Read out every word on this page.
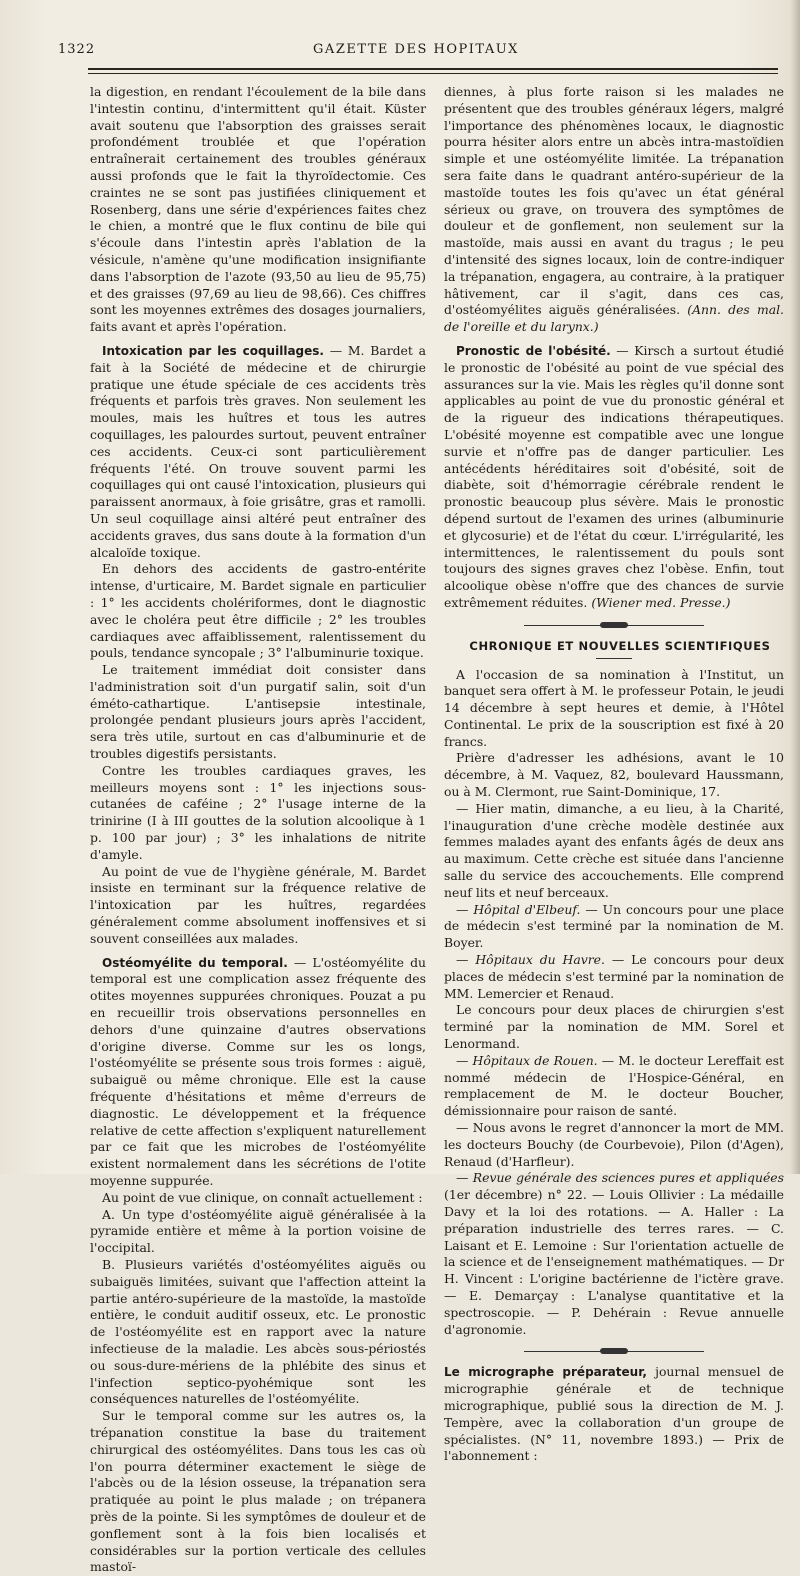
1322	GAZETTE DES HOPITAUX

la digestion, en rendant l'écoulement de la bile dans l'intestin continu, d'intermittent qu'il était. Küster avait soutenu que l'absorption des graisses serait profondément troublée et que l'opération entraînerait certainement des troubles généraux aussi profonds que le fait la thyroïdectomie. Ces craintes ne se sont pas justifiées cliniquement et Rosenberg, dans une série d'expériences faites chez le chien, a montré que le flux continu de bile qui s'écoule dans l'intestin après l'ablation de la vésicule, n'amène qu'une modification insignifiante dans l'absorption de l'azote (93,50 au lieu de 95,75) et des graisses (97,69 au lieu de 98,66). Ces chiffres sont les moyennes extrêmes des dosages journaliers, faits avant et après l'opération.

Intoxication par les coquillages. — M. Bardet a fait à la Société de médecine et de chirurgie pratique une étude spéciale de ces accidents très fréquents et parfois très graves. Non seulement les moules, mais les huîtres et tous les autres coquillages, les palourdes surtout, peuvent entraîner ces accidents. Ceux-ci sont particulièrement fréquents l'été. On trouve souvent parmi les coquillages qui ont causé l'intoxication, plusieurs qui paraissent anormaux, à foie grisâtre, gras et ramolli. Un seul coquillage ainsi altéré peut entraîner des accidents graves, dus sans doute à la formation d'un alcaloïde toxique.

En dehors des accidents de gastro-entérite intense, d'urticaire, M. Bardet signale en particulier : 1° les accidents cholériformes, dont le diagnostic avec le choléra peut être difficile ; 2° les troubles cardiaques avec affaiblissement, ralentissement du pouls, tendance syncopale ; 3° l'albuminurie toxique.

Le traitement immédiat doit consister dans l'administration soit d'un purgatif salin, soit d'un éméto-cathartique. L'antisepsie intestinale, prolongée pendant plusieurs jours après l'accident, sera très utile, surtout en cas d'albuminurie et de troubles digestifs persistants.

Contre les troubles cardiaques graves, les meilleurs moyens sont : 1° les injections sous-cutanées de caféine ; 2° l'usage interne de la trinirine (I à III gouttes de la solution alcoolique à 1 p. 100 par jour) ; 3° les inhalations de nitrite d'amyle.

Au point de vue de l'hygiène générale, M. Bardet insiste en terminant sur la fréquence relative de l'intoxication par les huîtres, regardées généralement comme absolument inoffensives et si souvent conseillées aux malades.

Ostéomyélite du temporal. — L'ostéomyélite du temporal est une complication assez fréquente des otites moyennes suppurées chroniques. Pouzat a pu en recueillir trois observations personnelles en dehors d'une quinzaine d'autres observations d'origine diverse. Comme sur les os longs, l'ostéomyélite se présente sous trois formes : aiguë, subaiguë ou même chronique. Elle est la cause fréquente d'hésitations et même d'erreurs de diagnostic. Le développement et la fréquence relative de cette affection s'expliquent naturellement par ce fait que les microbes de l'ostéomyélite existent normalement dans les sécrétions de l'otite moyenne suppurée.

Au point de vue clinique, on connaît actuellement :

A. Un type d'ostéomyélite aiguë généralisée à la pyramide entière et même à la portion voisine de l'occipital.

B. Plusieurs variétés d'ostéomyélites aiguës ou subaiguës limitées, suivant que l'affection atteint la partie antéro-supérieure de la mastoïde, la mastoïde entière, le conduit auditif osseux, etc. Le pronostic de l'ostéomyélite est en rapport avec la nature infectieuse de la maladie. Les abcès sous-périostés ou sous-dure-mériens de la phlébite des sinus et l'infection septico-pyohémique sont les conséquences naturelles de l'ostéomyélite.

Sur le temporal comme sur les autres os, la trépanation constitue la base du traitement chirurgical des ostéomyélites. Dans tous les cas où l'on pourra déterminer exactement le siège de l'abcès ou de la lésion osseuse, la trépanation sera pratiquée au point le plus malade ; on trépanera près de la pointe. Si les symptômes de douleur et de gonflement sont à la fois bien localisés et considérables sur la portion verticale des cellules mastoï-

diennes, à plus forte raison si les malades ne présentent que des troubles généraux légers, malgré l'importance des phénomènes locaux, le diagnostic pourra hésiter alors entre un abcès intra-mastoïdien simple et une ostéomyélite limitée. La trépanation sera faite dans le quadrant antéro-supérieur de la mastoïde toutes les fois qu'avec un état général sérieux ou grave, on trouvera des symptômes de douleur et de gonflement, non seulement sur la mastoïde, mais aussi en avant du tragus ; le peu d'intensité des signes locaux, loin de contre-indiquer la trépanation, engagera, au contraire, à la pratiquer hâtivement, car il s'agit, dans ces cas, d'ostéomyélites aiguës généralisées. (Ann. des mal. de l'oreille et du larynx.)

Pronostic de l'obésité. — Kirsch a surtout étudié le pronostic de l'obésité au point de vue spécial des assurances sur la vie. Mais les règles qu'il donne sont applicables au point de vue du pronostic général et de la rigueur des indications thérapeutiques. L'obésité moyenne est compatible avec une longue survie et n'offre pas de danger particulier. Les antécédents héréditaires soit d'obésité, soit de diabète, soit d'hémorragie cérébrale rendent le pronostic beaucoup plus sévère. Mais le pronostic dépend surtout de l'examen des urines (albuminurie et glycosurie) et de l'état du cœur. L'irrégularité, les intermittences, le ralentissement du pouls sont toujours des signes graves chez l'obèse. Enfin, tout alcoolique obèse n'offre que des chances de survie extrêmement réduites. (Wiener med. Presse.)

CHRONIQUE ET NOUVELLES SCIENTIFIQUES

A l'occasion de sa nomination à l'Institut, un banquet sera offert à M. le professeur Potain, le jeudi 14 décembre à sept heures et demie, à l'Hôtel Continental. Le prix de la souscription est fixé à 20 francs.

Prière d'adresser les adhésions, avant le 10 décembre, à M. Vaquez, 82, boulevard Haussmann, ou à M. Clermont, rue Saint-Dominique, 17.

— Hier matin, dimanche, a eu lieu, à la Charité, l'inauguration d'une crèche modèle destinée aux femmes malades ayant des enfants âgés de deux ans au maximum. Cette crèche est située dans l'ancienne salle du service des accouchements. Elle comprend neuf lits et neuf berceaux.

— Hôpital d'Elbeuf. — Un concours pour une place de médecin s'est terminé par la nomination de M. Boyer.

— Hôpitaux du Havre. — Le concours pour deux places de médecin s'est terminé par la nomination de MM. Lemercier et Renaud.

Le concours pour deux places de chirurgien s'est terminé par la nomination de MM. Sorel et Lenormand.

— Hôpitaux de Rouen. — M. le docteur Lereffait est nommé médecin de l'Hospice-Général, en remplacement de M. le docteur Boucher, démissionnaire pour raison de santé.

— Nous avons le regret d'annoncer la mort de MM. les docteurs Bouchy (de Courbevoie), Pilon (d'Agen), Renaud (d'Harfleur).

— Revue générale des sciences pures et appliquées (1er décembre) n° 22. — Louis Ollivier : La médaille Davy et la loi des rotations. — A. Haller : La préparation industrielle des terres rares. — C. Laisant et E. Lemoine : Sur l'orientation actuelle de la science et de l'enseignement mathématiques. — Dr H. Vincent : L'origine bactérienne de l'ictère grave. — E. Demarçay : L'analyse quantitative et la spectroscopie. — P. Dehérain : Revue annuelle d'agronomie.

Le micrographe préparateur, journal mensuel de micrographie générale et de technique micrographique, publié sous la direction de M. J. Tempère, avec la collaboration d'un groupe de spécialistes. (N° 11, novembre 1893.) — Prix de l'abonnement :
